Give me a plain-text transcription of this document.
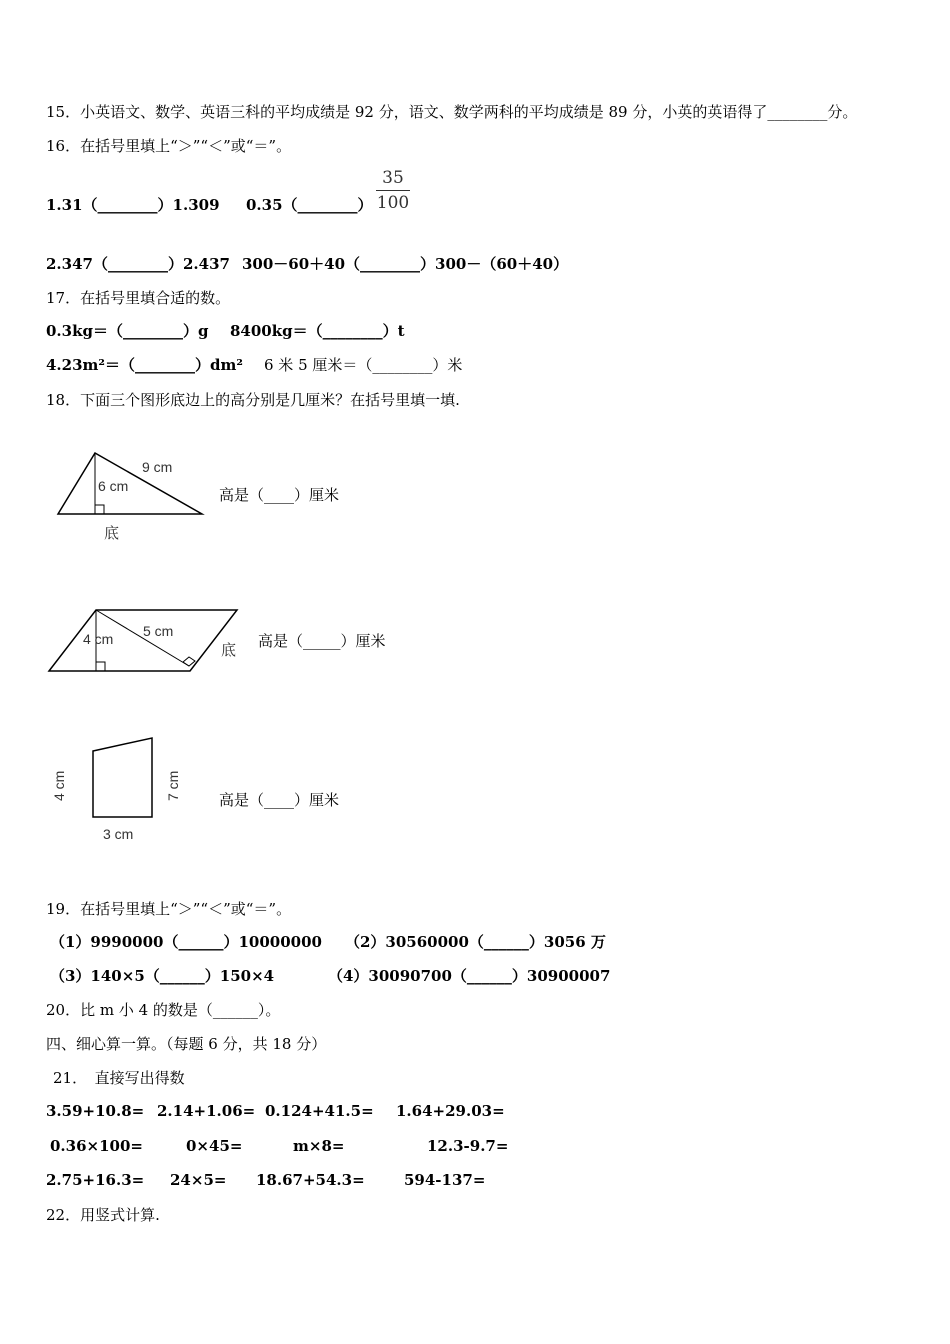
15．小英语文、数学、英语三科的平均成绩是 92 分，语文、数学两科的平均成绩是 89 分，小英的英语得了________分。
16．在括号里填上“＞”“＜”或“＝”。
1.31（________）1.309 0.35（________）
35
100
2.347（________）2.437 300－60＋40（________）300－（60＋40）
17．在括号里填合适的数。
0.3kg＝（________）g 8400kg＝（________）t
4.23m²＝（________）dm² 6 米 5 厘米＝（________）米
18．下面三个图形底边上的高分别是几厘米？在括号里填一填.
9 cm
6 cm
底
高是（____）厘米
5 cm
4 cm
底
高是（_____）厘米
4 cm	7 cm
3 cm
高是（____）厘米
19．在括号里填上“＞”“＜”或“＝”。
（1）9990000（______）10000000 （2）30560000（______）3056 万
（3）140×5（______）150×4	（4）30090700（______）30900007
20．比 m 小 4 的数是（______）。
四、细心算一算。（每题 6 分，共 18 分）
21．　直接写出得数
3.59+10.8= 2.14+1.06= 0.124+41.5= 1.64+29.03=
0.36×100=	0×45=	m×8=	12.3-9.7=
2.75+16.3= 24×5= 18.67+54.3=	594-137=
22．用竖式计算.
